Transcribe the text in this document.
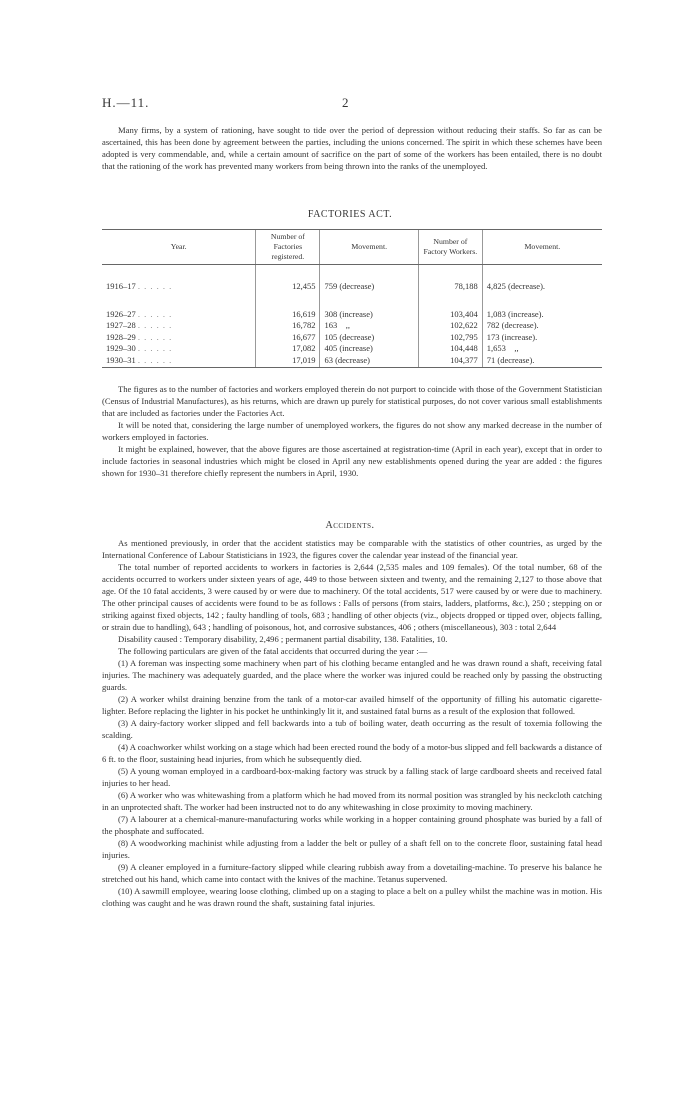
H.—11.	2

Many firms, by a system of rationing, have sought to tide over the period of depression without reducing their staffs. So far as can be ascertained, this has been done by agreement between the parties, including the unions concerned. The spirit in which these schemes have been adopted is very commendable, and, while a certain amount of sacrifice on the part of some of the workers has been entailed, there is no doubt that the rationing of the work has prevented many workers from being thrown into the ranks of the unemployed.

FACTORIES ACT.
Year.	Number of Factories registered.	Movement.	Number of Factory Workers.	Movement.

1916–17 . . . . . .	12,455	759 (decrease)	78,188	4,825 (decrease).

1926–27 . . . . . .	16,619	308 (increase)	103,404	1,083 (increase).
1927–28 . . . . . .	16,782	163    ,,	102,622	782 (decrease).
1928–29 . . . . . .	16,677	105 (decrease)	102,795	173 (increase).
1929–30 . . . . . .	17,082	405 (increase)	104,448	1,653    ,,
1930–31 . . . . . .	17,019	63 (decrease)	104,377	71 (decrease).

The figures as to the number of factories and workers employed therein do not purport to coincide with those of the Government Statistician (Census of Industrial Manufactures), as his returns, which are drawn up purely for statistical purposes, do not cover various small establishments that are included as factories under the Factories Act.

It will be noted that, considering the large number of unemployed workers, the figures do not show any marked decrease in the number of workers employed in factories.

It might be explained, however, that the above figures are those ascertained at registration-time (April in each year), except that in order to include factories in seasonal industries which might be closed in April any new establishments opened during the year are added : the figures shown for 1930–31 therefore chiefly represent the numbers in April, 1930.

Accidents.

As mentioned previously, in order that the accident statistics may be comparable with the statistics of other countries, as urged by the International Conference of Labour Statisticians in 1923, the figures cover the calendar year instead of the financial year.

The total number of reported accidents to workers in factories is 2,644 (2,535 males and 109 females). Of the total number, 68 of the accidents occurred to workers under sixteen years of age, 449 to those between sixteen and twenty, and the remaining 2,127 to those above that age. Of the 10 fatal accidents, 3 were caused by or were due to machinery. Of the total accidents, 517 were caused by or were due to machinery. The other principal causes of accidents were found to be as follows : Falls of persons (from stairs, ladders, platforms, &c.), 250 ; stepping on or striking against fixed objects, 142 ; faulty handling of tools, 683 ; handling of other objects (viz., objects dropped or tipped over, objects falling, or strain due to handling), 643 ; handling of poisonous, hot, and corrosive substances, 406 ; others (miscellaneous), 303 : total 2,644

Disability caused : Temporary disability, 2,496 ; permanent partial disability, 138. Fatalities, 10.

The following particulars are given of the fatal accidents that occurred during the year :—

(1) A foreman was inspecting some machinery when part of his clothing became entangled and he was drawn round a shaft, receiving fatal injuries. The machinery was adequately guarded, and the place where the worker was injured could be reached only by passing the obstructing guards.

(2) A worker whilst draining benzine from the tank of a motor-car availed himself of the opportunity of filling his automatic cigarette-lighter. Before replacing the lighter in his pocket he unthinkingly lit it, and sustained fatal burns as a result of the explosion that followed.

(3) A dairy-factory worker slipped and fell backwards into a tub of boiling water, death occurring as the result of toxemia following the scalding.

(4) A coachworker whilst working on a stage which had been erected round the body of a motor-bus slipped and fell backwards a distance of 6 ft. to the floor, sustaining head injuries, from which he subsequently died.

(5) A young woman employed in a cardboard-box-making factory was struck by a falling stack of large cardboard sheets and received fatal injuries to her head.

(6) A worker who was whitewashing from a platform which he had moved from its normal position was strangled by his neckcloth catching in an unprotected shaft. The worker had been instructed not to do any whitewashing in close proximity to moving machinery.

(7) A labourer at a chemical-manure-manufacturing works while working in a hopper containing ground phosphate was buried by a fall of the phosphate and suffocated.

(8) A woodworking machinist while adjusting from a ladder the belt or pulley of a shaft fell on to the concrete floor, sustaining fatal head injuries.

(9) A cleaner employed in a furniture-factory slipped while clearing rubbish away from a dovetailing-machine. To preserve his balance he stretched out his hand, which came into contact with the knives of the machine. Tetanus supervened.

(10) A sawmill employee, wearing loose clothing, climbed up on a staging to place a belt on a pulley whilst the machine was in motion. His clothing was caught and he was drawn round the shaft, sustaining fatal injuries.
